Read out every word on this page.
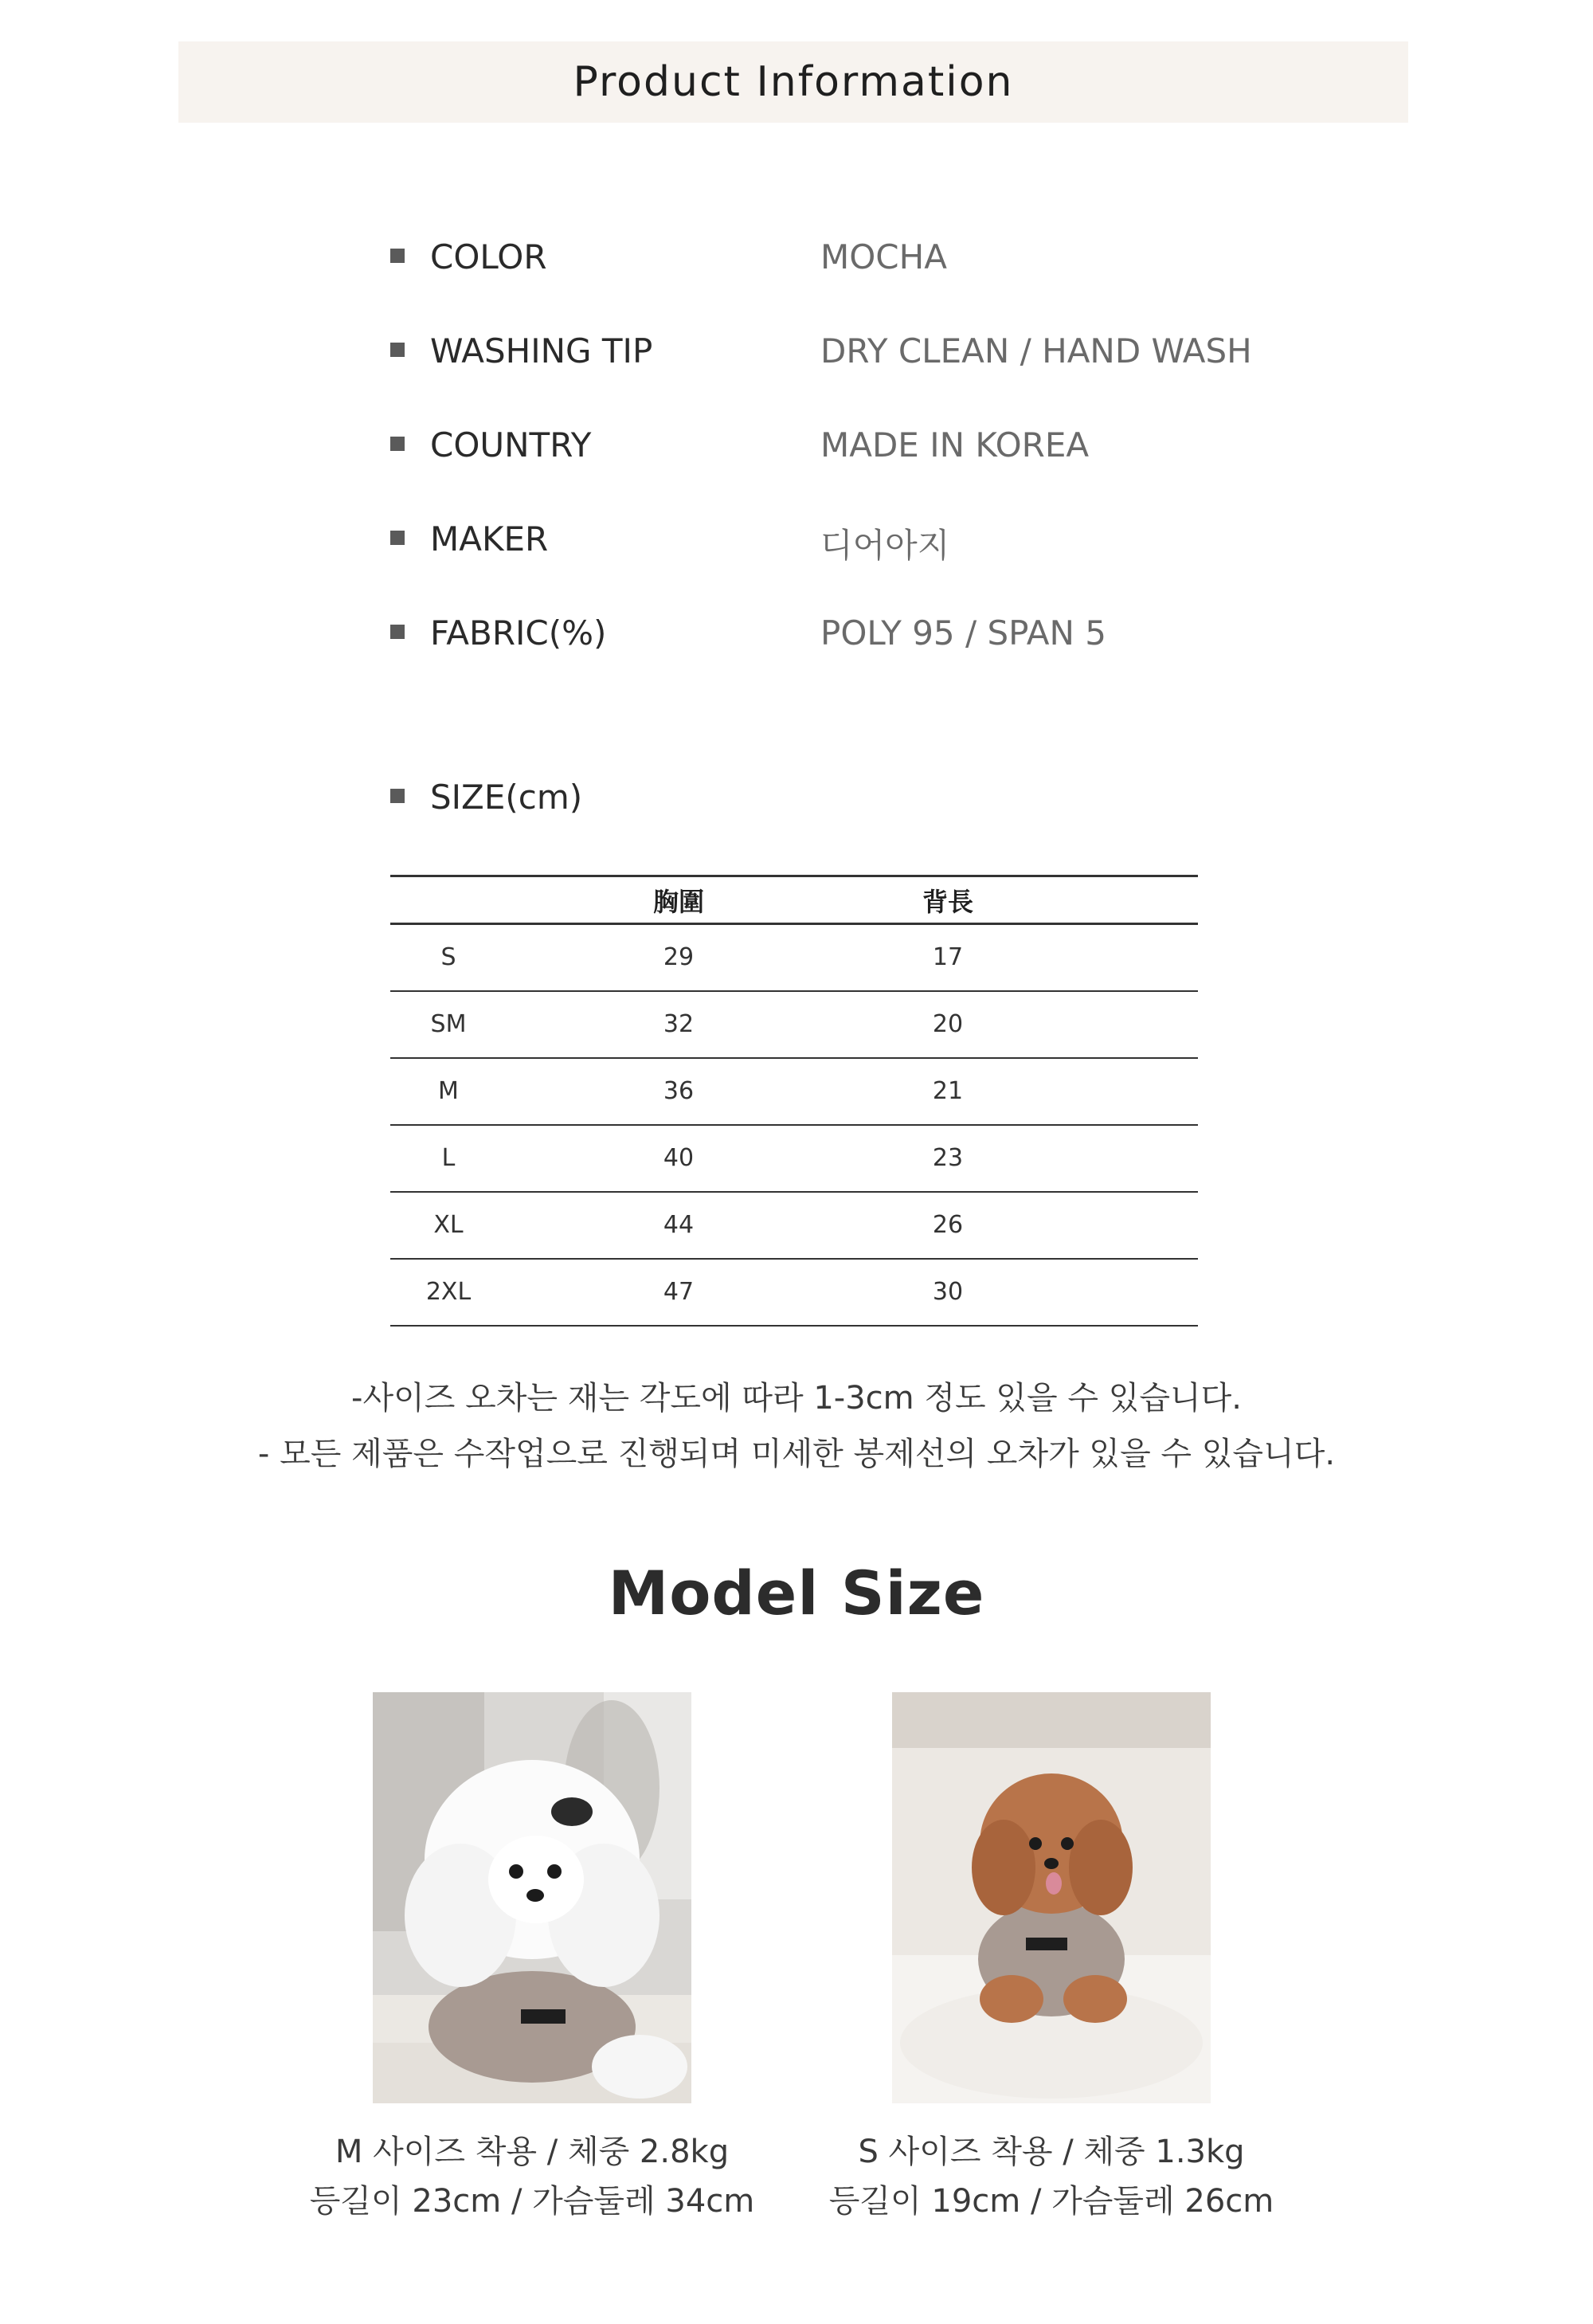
Product Information
COLOR	MOCHA
WASHING TIP	DRY CLEAN / HAND WASH
COUNTRY	MADE IN KOREA
MAKER	디어아지
FABRIC(%)	POLY 95 / SPAN 5
SIZE(cm)
	胸圍	背長	
S	29	17	
SM	32	20	
M	36	21	
L	40	23	
XL	44	26	
2XL	47	30	
-사이즈 오차는 재는 각도에 따라 1-3cm 정도 있을 수 있습니다.
- 모든 제품은 수작업으로 진행되며 미세한 봉제선의 오차가 있을 수 있습니다.
Model Size
M 사이즈 착용 / 체중 2.8kg
등길이 23cm / 가슴둘레 34cm
S 사이즈 착용 / 체중 1.3kg
등길이 19cm / 가슴둘레 26cm
